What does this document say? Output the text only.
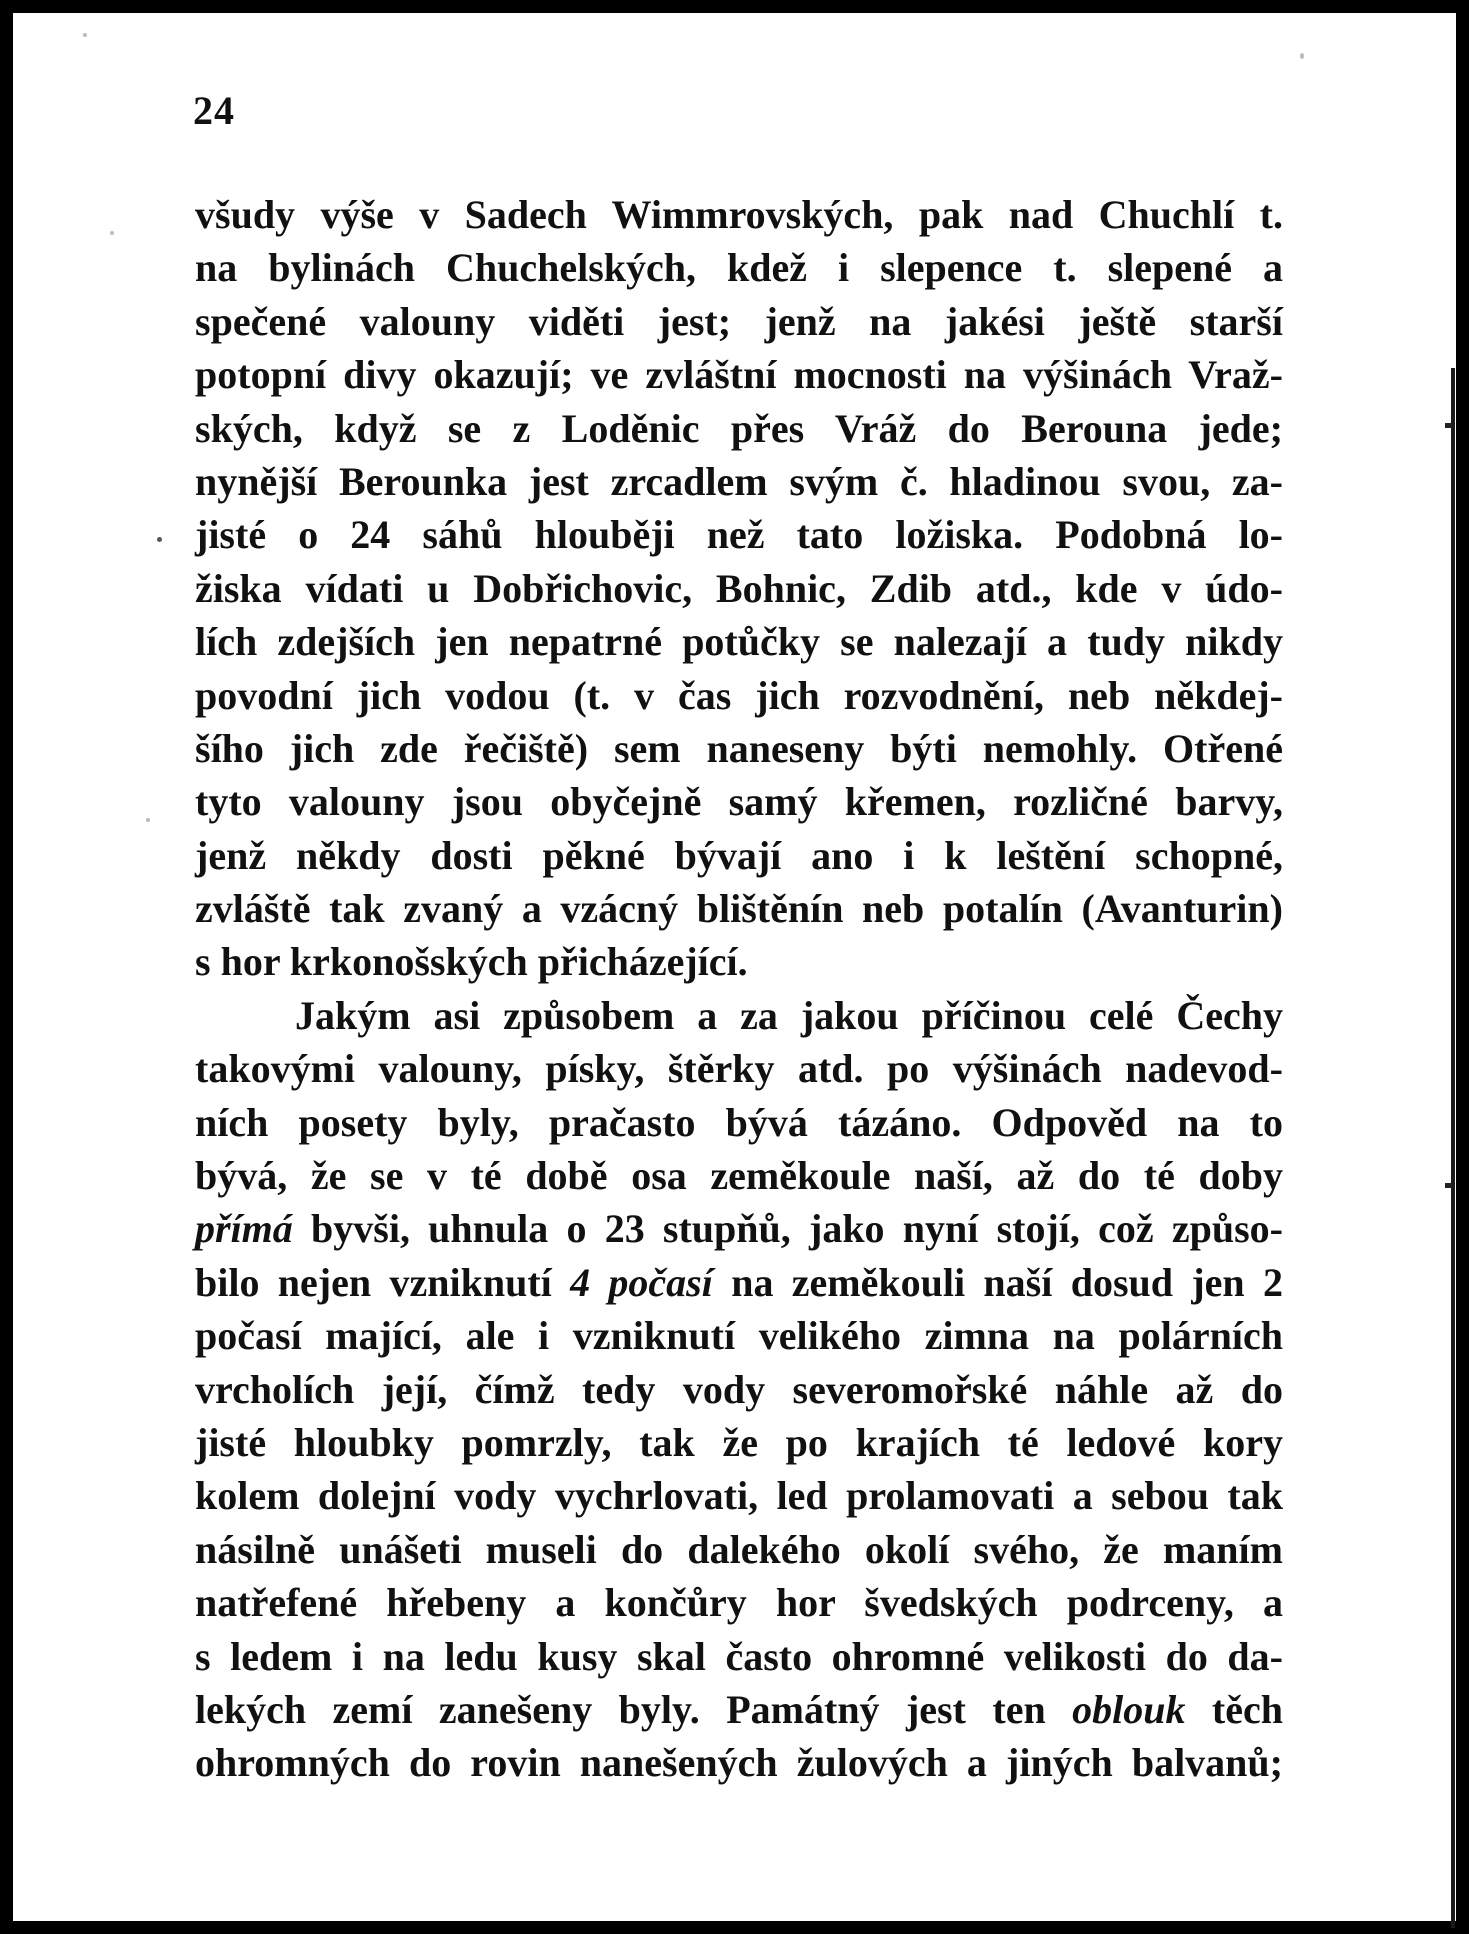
24

všudy výše v Sadech Wimmrovských, pak nad Chuchlí t.

na bylinách Chuchelských, kdež i slepence t. slepené a

spečené valouny viděti jest; jenž na jakési ještě starší

potopní divy okazují; ve zvláštní mocnosti na výšinách Vraž-

ských, když se z Loděnic přes Vráž do Berouna jede;

nynější Berounka jest zrcadlem svým č. hladinou svou, za-

jisté o 24 sáhů hlouběji než tato ložiska. Podobná lo-

žiska vídati u Dobřichovic, Bohnic, Zdib atd., kde v údo-

lích zdejších jen nepatrné potůčky se nalezají a tudy nikdy

povodní jich vodou (t. v čas jich rozvodnění, neb někdej-

šího jich zde řečiště) sem naneseny býti nemohly. Otřené

tyto valouny jsou obyčejně samý křemen, rozličné barvy,

jenž někdy dosti pěkné bývají ano i k leštění schopné,

zvláště tak zvaný a vzácný blištěnín neb potalín (Avanturin)

s hor krkonošských přicházející.

Jakým asi způsobem a za jakou příčinou celé Čechy

takovými valouny, písky, štěrky atd. po výšinách nadevod-

ních posety byly, pračasto bývá tázáno. Odpověd na to

bývá, že se v té době osa zeměkoule naší, až do té doby

přímá byvši, uhnula o 23 stupňů, jako nyní stojí, což způso-

bilo nejen vzniknutí 4 počasí na zeměkouli naší dosud jen 2

počasí mající, ale i vzniknutí velikého zimna na polárních

vrcholích její, čímž tedy vody severomořské náhle až do

jisté hloubky pomrzly, tak že po krajích té ledové kory

kolem dolejní vody vychrlovati, led prolamovati a sebou tak

násilně unášeti museli do dalekého okolí svého, že maním

natřefené hřebeny a končůry hor švedských podrceny, a

s ledem i na ledu kusy skal často ohromné velikosti do da-

lekých zemí zanešeny byly. Památný jest ten oblouk těch

ohromných do rovin nanešených žulových a jiných balvanů;
